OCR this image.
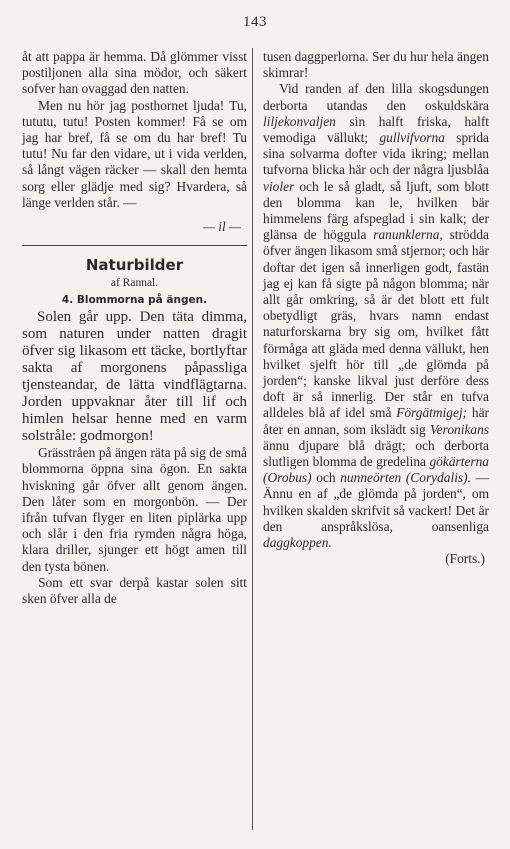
143

åt att pappa är hemma. Då glömmer visst postiljonen alla sina mödor, och säkert sofver han ovaggad den natten.

Men nu hör jag posthornet ljuda! Tu, tututu, tutu! Posten kommer! Få se om jag har bref, få se om du har bref! Tu tutu! Nu far den vidare, ut i vida verlden, så långt vägen räcker — skall den hemta sorg eller glädje med sig? Hvardera, så länge verlden står. —

— il —

Naturbilder
af Rannal.
4. Blommorna på ängen.

Solen går upp. Den täta dimma, som naturen under natten dragit öfver sig likasom ett täcke, bortlyftar sakta af morgonens påpassliga tjensteandar, de lätta vindflägtarna. Jorden uppvaknar åter till lif och himlen helsar henne med en varm solstråle: godmorgon!

Grässtråen på ängen räta på sig de små blommorna öppna sina ögon. En sakta hviskning går öfver allt genom ängen. Den låter som en morgonbön. — Der ifrån tufvan flyger en liten piplärka upp och slår i den fria rymden några höga, klara driller, sjunger ett högt amen till den tysta bönen.

Som ett svar derpå kastar solen sitt sken öfver alla de

tusen daggperlorna. Ser du hur hela ängen skimrar!

Vid randen af den lilla skogsdungen derborta utandas den oskuldskära liljekonvaljen sin halft friska, halft vemodiga vällukt; gullvifvorna sprida sina solvarma dofter vida ikring; mellan tufvorna blicka här och der några ljusblåa violer och le så gladt, så ljuft, som blott den blomma kan le, hvilken bär himmelens färg afspeglad i sin kalk; der glänsa de höggula ranunklerna, strödda öfver ängen likasom små stjernor; och här doftar det igen så innerligen godt, fastän jag ej kan få sigte på någon blomma; när allt går omkring, så är det blott ett fult obetydligt gräs, hvars namn endast naturforskarna bry sig om, hvilket fått förmåga att gläda med denna vällukt, hen hvilket sjelft hör till „de glömda på jorden“; kanske likval just derföre dess doft är så innerlig. Der står en tufva alldeles blå af idel små Förgätmigej; här åter en annan, som ikslädt sig Veronikans ännu djupare blå drägt; och derborta slutligen blomma de gredelina gökärterna (Orobus) och nunneörten (Corydalis). — Ännu en af „de glömda på jorden“, om hvilken skalden skrifvit så vackert! Det är den anspråkslösa, oansenliga daggkoppen.

(Forts.)
